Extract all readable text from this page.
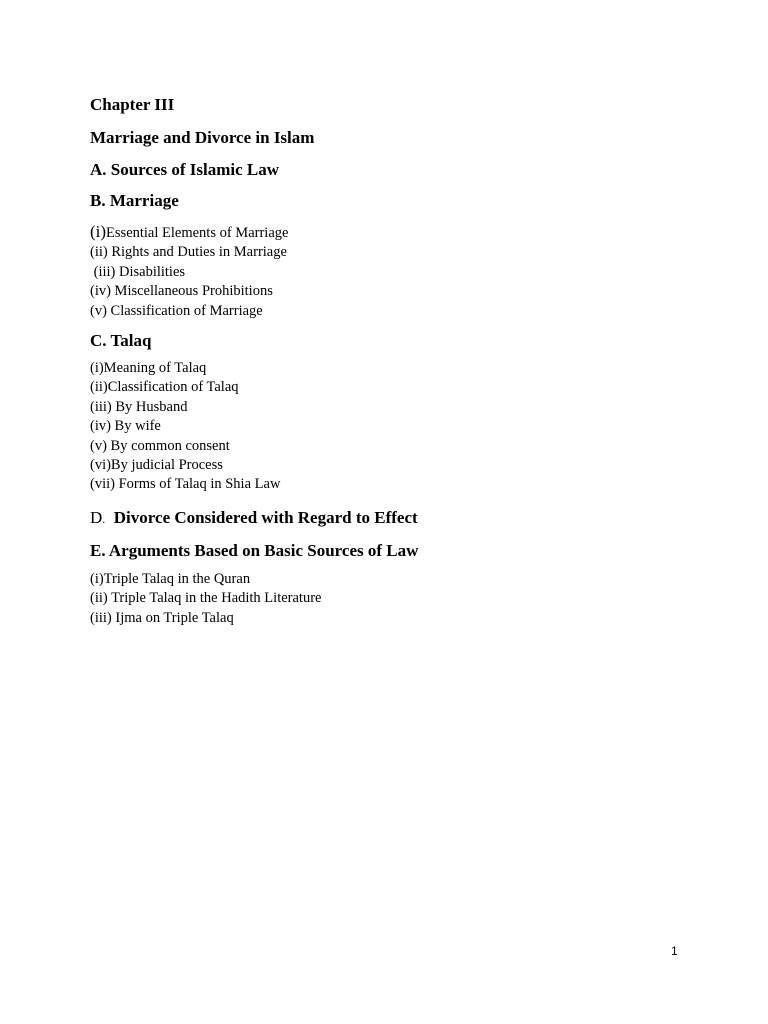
Chapter III
Marriage and Divorce in Islam
A. Sources of Islamic Law
B. Marriage
(i)Essential Elements of Marriage
(ii) Rights and Duties in Marriage
(iii) Disabilities
(iv) Miscellaneous Prohibitions
(v) Classification of Marriage
C. Talaq
(i)Meaning of Talaq
(ii)Classification of Talaq
(iii) By Husband
(iv) By wife
(v) By common consent
(vi)By judicial Process
(vii) Forms of Talaq in Shia Law
D.  Divorce Considered with Regard to Effect
E. Arguments Based on Basic Sources of Law
(i)Triple Talaq in the Quran
(ii) Triple Talaq in the Hadith Literature
(iii) Ijma on Triple Talaq
1
